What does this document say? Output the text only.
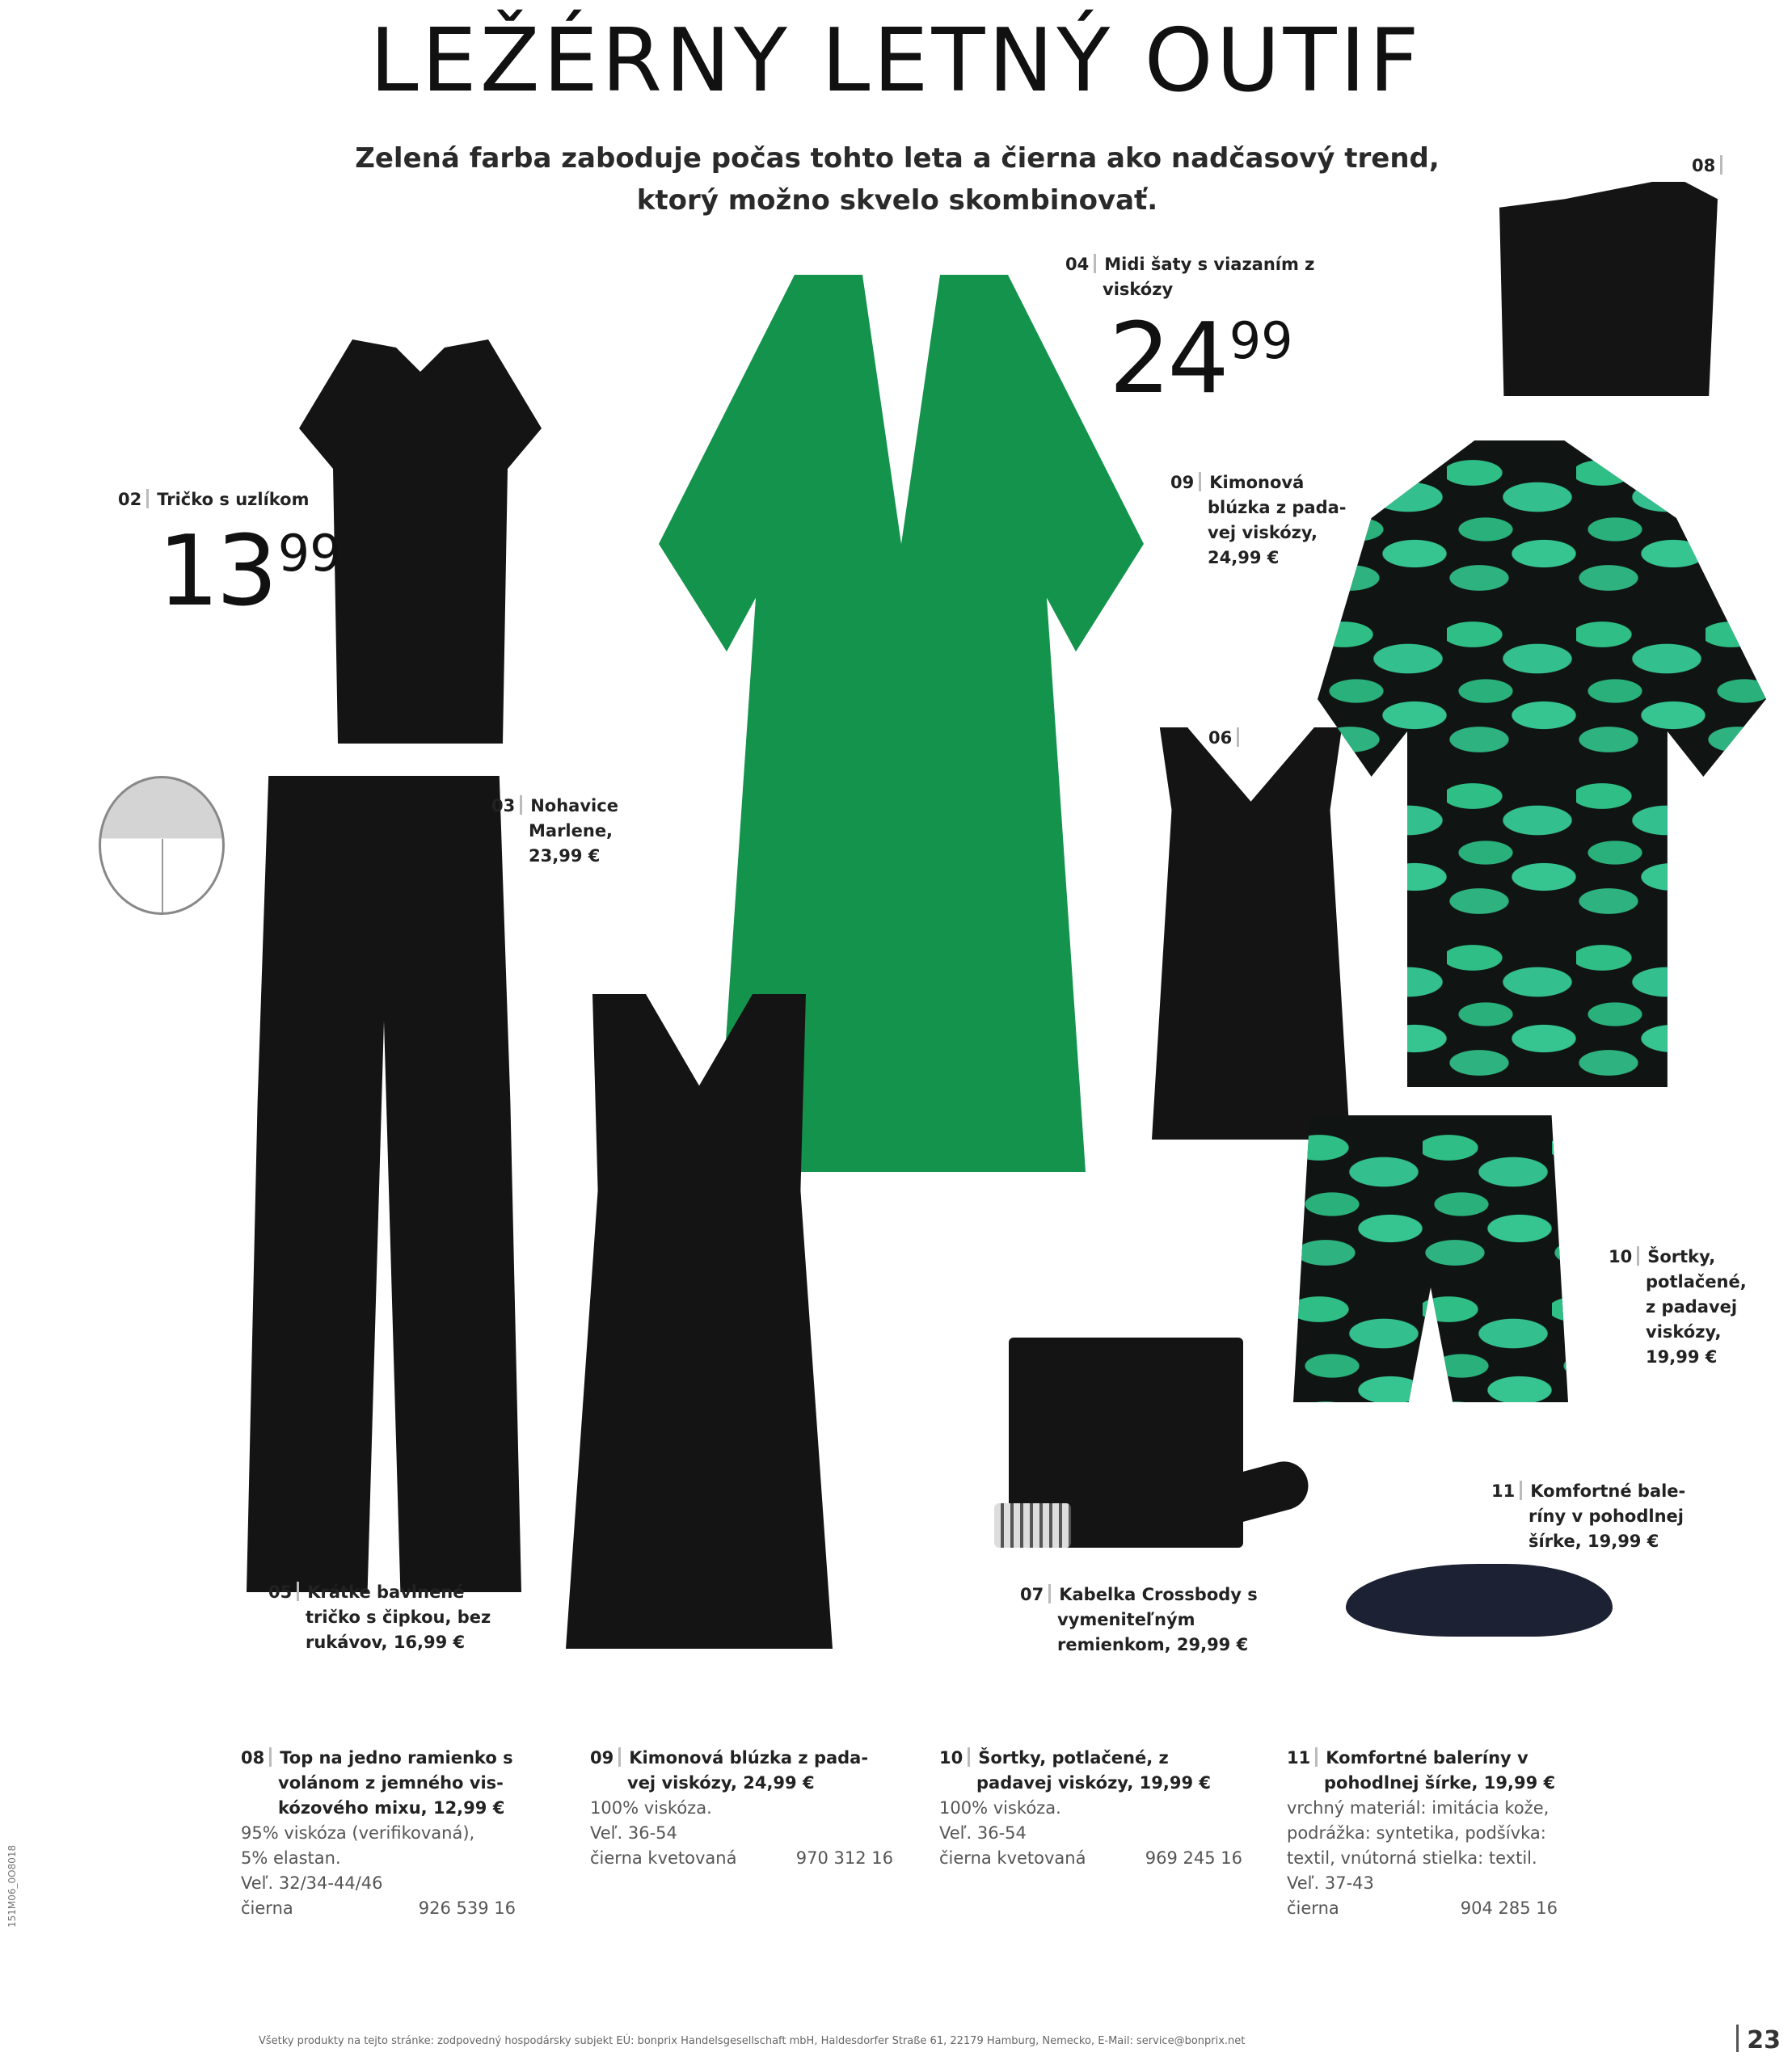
LEŽÉRNY LETNÝ OUTIF
Zelená farba zaboduje počas tohto leta a čierna ako nadčasový trend, ktorý možno skvelo skombinovať.
02 Tričko s uzlíkom
$13^{99}$
03 Nohavice
Marlene,
23,99 €
04 Midi šaty s viazaním z
viskózy
$24^{99}$
05 Krátke bavlnené
tričko s čipkou, bez
rukávov, 16,99 €
06
07 Kabelka Crossbody s
vymeniteľným
remienkom, 29,99 €
08
09 Kimonová
blúzka z pada-
vej viskózy,
24,99 €
10 Šortky,
potlačené,
z padavej
viskózy,
19,99 €
11 Komfortné bale-
ríny v pohodlnej
šírke, 19,99 €
08 Top na jedno ramienko s
volánom z jemného vis-
kózového mixu, 12,99 €
95% viskóza (verifikovaná),
5% elastan.
Veľ. 32/34-44/46
čierna	926 539 16
09 Kimonová blúzka z pada-
vej viskózy, 24,99 €
100% viskóza.
Veľ. 36-54
čierna kvetovaná	970 312 16
10 Šortky, potlačené, z
padavej viskózy, 19,99 €
100% viskóza.
Veľ. 36-54
čierna kvetovaná	969 245 16
11 Komfortné baleríny v
pohodlnej šírke, 19,99 €
vrchný materiál: imitácia kože,
podrážka: syntetika, podšívka:
textil, vnútorná stielka: textil.
Veľ. 37-43
čierna	904 285 16
151M06_0O8018
Všetky produkty na tejto stránke: zodpovedný hospodársky subjekt EÚ: bonprix Handelsgesellschaft mbH, Haldesdorfer Straße 61, 22179 Hamburg, Nemecko, E-Mail: service@bonprix.net	23
